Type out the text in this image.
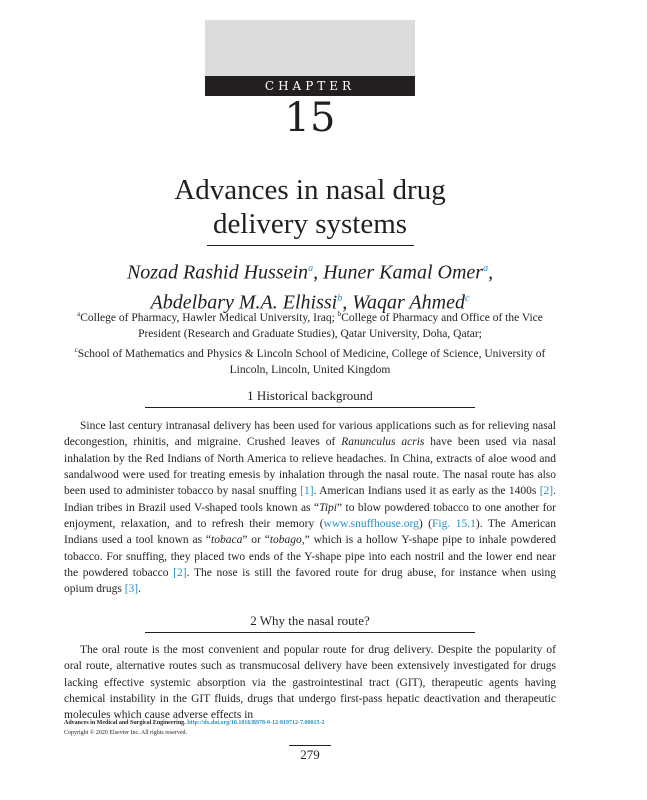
CHAPTER
15
Advances in nasal drug
delivery systems
Nozad Rashid Hussein$^a$, Huner Kamal Omer$^a$,
Abdelbary M.A. Elhissi$^b$, Waqar Ahmed$^c$
$^a$College of Pharmacy, Hawler Medical University, Iraq; $^b$College of Pharmacy and Office of the Vice President (Research and Graduate Studies), Qatar University, Doha, Qatar;
$^c$School of Mathematics and Physics & Lincoln School of Medicine, College of Science, University of Lincoln, Lincoln, United Kingdom
1 Historical background
Since last century intranasal delivery has been used for various applications such as for relieving nasal decongestion, rhinitis, and migraine. Crushed leaves of Ranunculus acris have been used via nasal inhalation by the Red Indians of North America to relieve headaches. In China, extracts of aloe wood and sandalwood were used for treating emesis by inhalation through the nasal route. The nasal route has also been used to administer tobacco by nasal snuffing [1]. American Indians used it as early as the 1400s [2]. Indian tribes in Brazil used V-shaped tools known as “Tipi” to blow powdered tobacco to one another for enjoyment, relaxation, and to refresh their memory (www.snuffhouse.org) (Fig. 15.1). The American Indians used a tool known as “tobaca” or “tobago,” which is a hollow Y-shape pipe to inhale powdered tobacco. For snuffing, they placed two ends of the Y-shape pipe into each nostril and the lower end near the powdered tobacco [2]. The nose is still the favored route for drug abuse, for instance when using opium drugs [3].
2 Why the nasal route?
The oral route is the most convenient and popular route for drug delivery. Despite the popularity of oral route, alternative routes such as transmucosal delivery have been extensively investigated for drugs lacking effective systemic absorption via the gastrointestinal tract (GIT), therapeutic agents having chemical instability in the GIT fluids, drugs that undergo first-pass hepatic deactivation and therapeutic molecules which cause adverse effects in
Advances in Medical and Surgical Engineering. http://dx.doi.org/10.1016/B978-0-12-819712-7.00015-2
Copyright © 2020 Elsevier Inc. All rights reserved.
279
